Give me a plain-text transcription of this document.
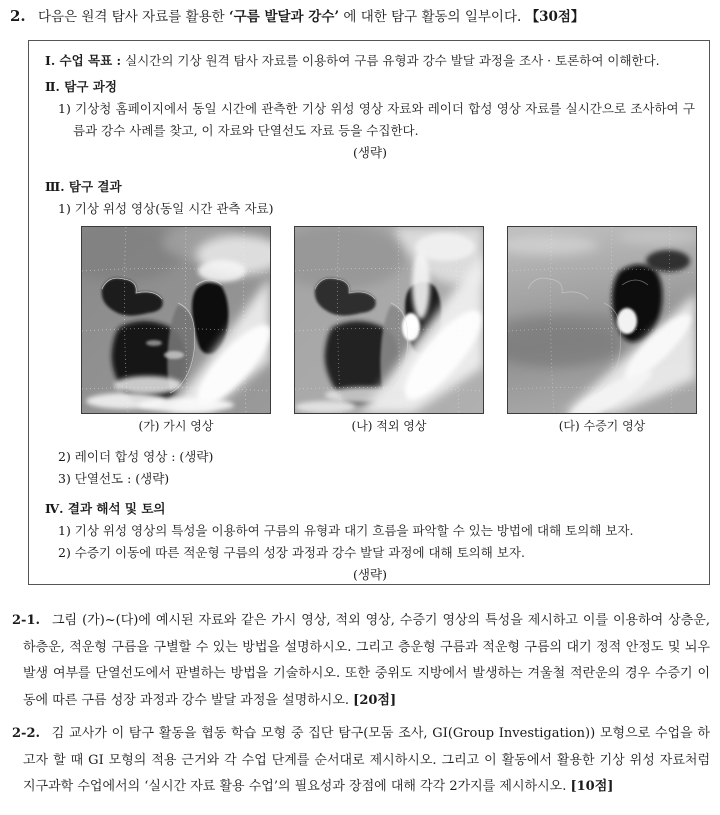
2. 다음은 원격 탐사 자료를 활용한 ‘구름 발달과 강수’ 에 대한 탐구 활동의 일부이다. 【30점】
Ⅰ. 수업 목표 : 실시간의 기상 원격 탐사 자료를 이용하여 구름 유형과 강수 발달 과정을 조사 · 토론하여 이해한다.
Ⅱ. 탐구 과정
1) 기상청 홈페이지에서 동일 시간에 관측한 기상 위성 영상 자료와 레이더 합성 영상 자료를 실시간으로 조사하여 구름과 강수 사례를 찾고, 이 자료와 단열선도 자료 등을 수집한다.
(생략)
Ⅲ. 탐구 결과
1) 기상 위성 영상(동일 시간 관측 자료)
(가) 가시 영상	(나) 적외 영상	(다) 수증기 영상
2) 레이더 합성 영상 : (생략)
3) 단열선도 : (생략)
Ⅳ. 결과 해석 및 토의
1) 기상 위성 영상의 특성을 이용하여 구름의 유형과 대기 흐름을 파악할 수 있는 방법에 대해 토의해 보자.
2) 수증기 이동에 따른 적운형 구름의 성장 과정과 강수 발달 과정에 대해 토의해 보자.
(생략)
2-1. 그림 (가)~(다)에 예시된 자료와 같은 가시 영상, 적외 영상, 수증기 영상의 특성을 제시하고 이를 이용하여 상층운, 하층운, 적운형 구름을 구별할 수 있는 방법을 설명하시오. 그리고 층운형 구름과 적운형 구름의 대기 정적 안정도 및 뇌우 발생 여부를 단열선도에서 판별하는 방법을 기술하시오. 또한 중위도 지방에서 발생하는 겨울철 적란운의 경우 수증기 이동에 따른 구름 성장 과정과 강수 발달 과정을 설명하시오. [20점]
2-2. 김 교사가 이 탐구 활동을 협동 학습 모형 중 집단 탐구(모둠 조사, GI(Group Investigation)) 모형으로 수업을 하고자 할 때 GI 모형의 적용 근거와 각 수업 단계를 순서대로 제시하시오. 그리고 이 활동에서 활용한 기상 위성 자료처럼 지구과학 수업에서의 ‘실시간 자료 활용 수업’의 필요성과 장점에 대해 각각 2가지를 제시하시오. [10점]
